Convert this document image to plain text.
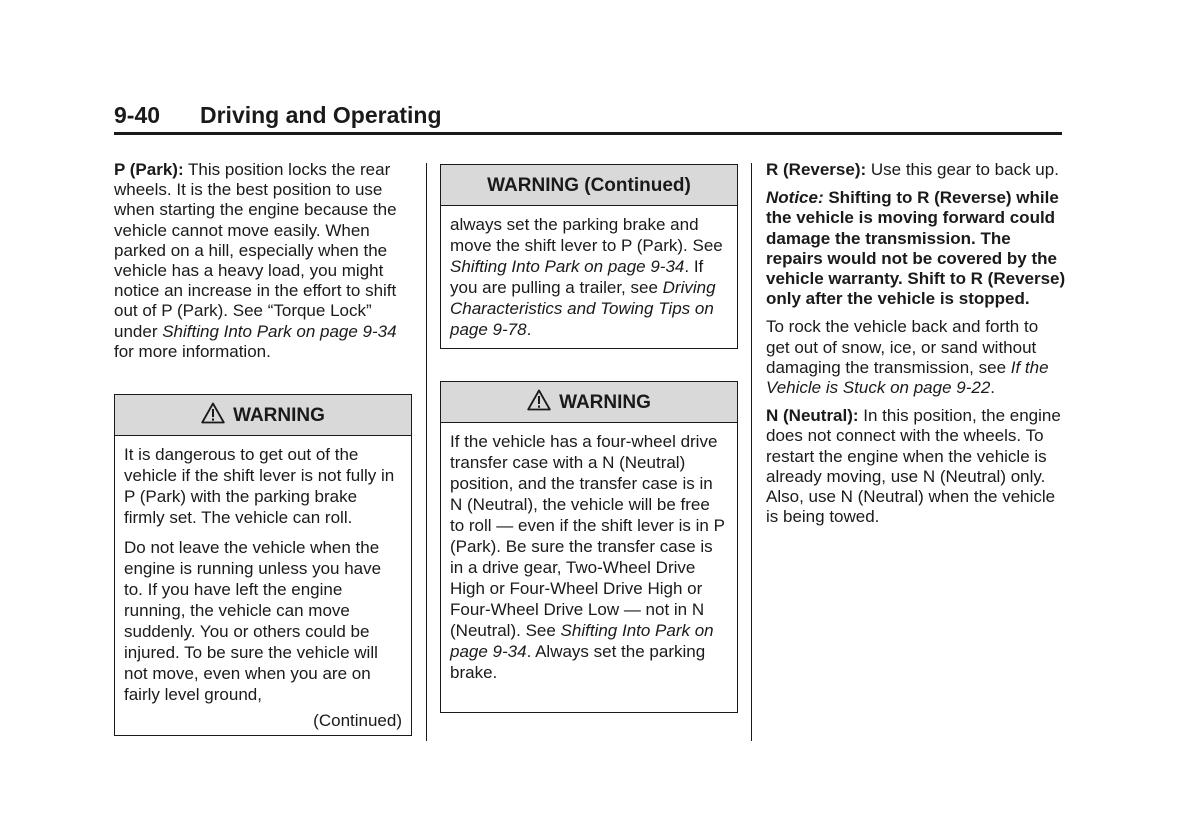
9-40 Driving and Operating

P (Park): This position locks the rear wheels. It is the best position to use when starting the engine because the vehicle cannot move easily. When parked on a hill, especially when the vehicle has a heavy load, you might notice an increase in the effort to shift out of P (Park). See “Torque Lock” under Shifting Into Park on page 9-34 for more information.

WARNING

It is dangerous to get out of the vehicle if the shift lever is not fully in P (Park) with the parking brake firmly set. The vehicle can roll.

Do not leave the vehicle when the engine is running unless you have to. If you have left the engine running, the vehicle can move suddenly. You or others could be injured. To be sure the vehicle will not move, even when you are on fairly level ground,

(Continued)
WARNING (Continued)

always set the parking brake and move the shift lever to P (Park). See Shifting Into Park on page 9-34. If you are pulling a trailer, see Driving Characteristics and Towing Tips on page 9-78.

WARNING

If the vehicle has a four-wheel drive transfer case with a N (Neutral) position, and the transfer case is in N (Neutral), the vehicle will be free to roll — even if the shift lever is in P (Park). Be sure the transfer case is in a drive gear, Two-Wheel Drive High or Four-Wheel Drive High or Four-Wheel Drive Low — not in N (Neutral). See Shifting Into Park on page 9-34. Always set the parking brake.

R (Reverse): Use this gear to back up.

Notice: Shifting to R (Reverse) while the vehicle is moving forward could damage the transmission. The repairs would not be covered by the vehicle warranty. Shift to R (Reverse) only after the vehicle is stopped.

To rock the vehicle back and forth to get out of snow, ice, or sand without damaging the transmission, see If the Vehicle is Stuck on page 9-22.

N (Neutral): In this position, the engine does not connect with the wheels. To restart the engine when the vehicle is already moving, use N (Neutral) only. Also, use N (Neutral) when the vehicle is being towed.
